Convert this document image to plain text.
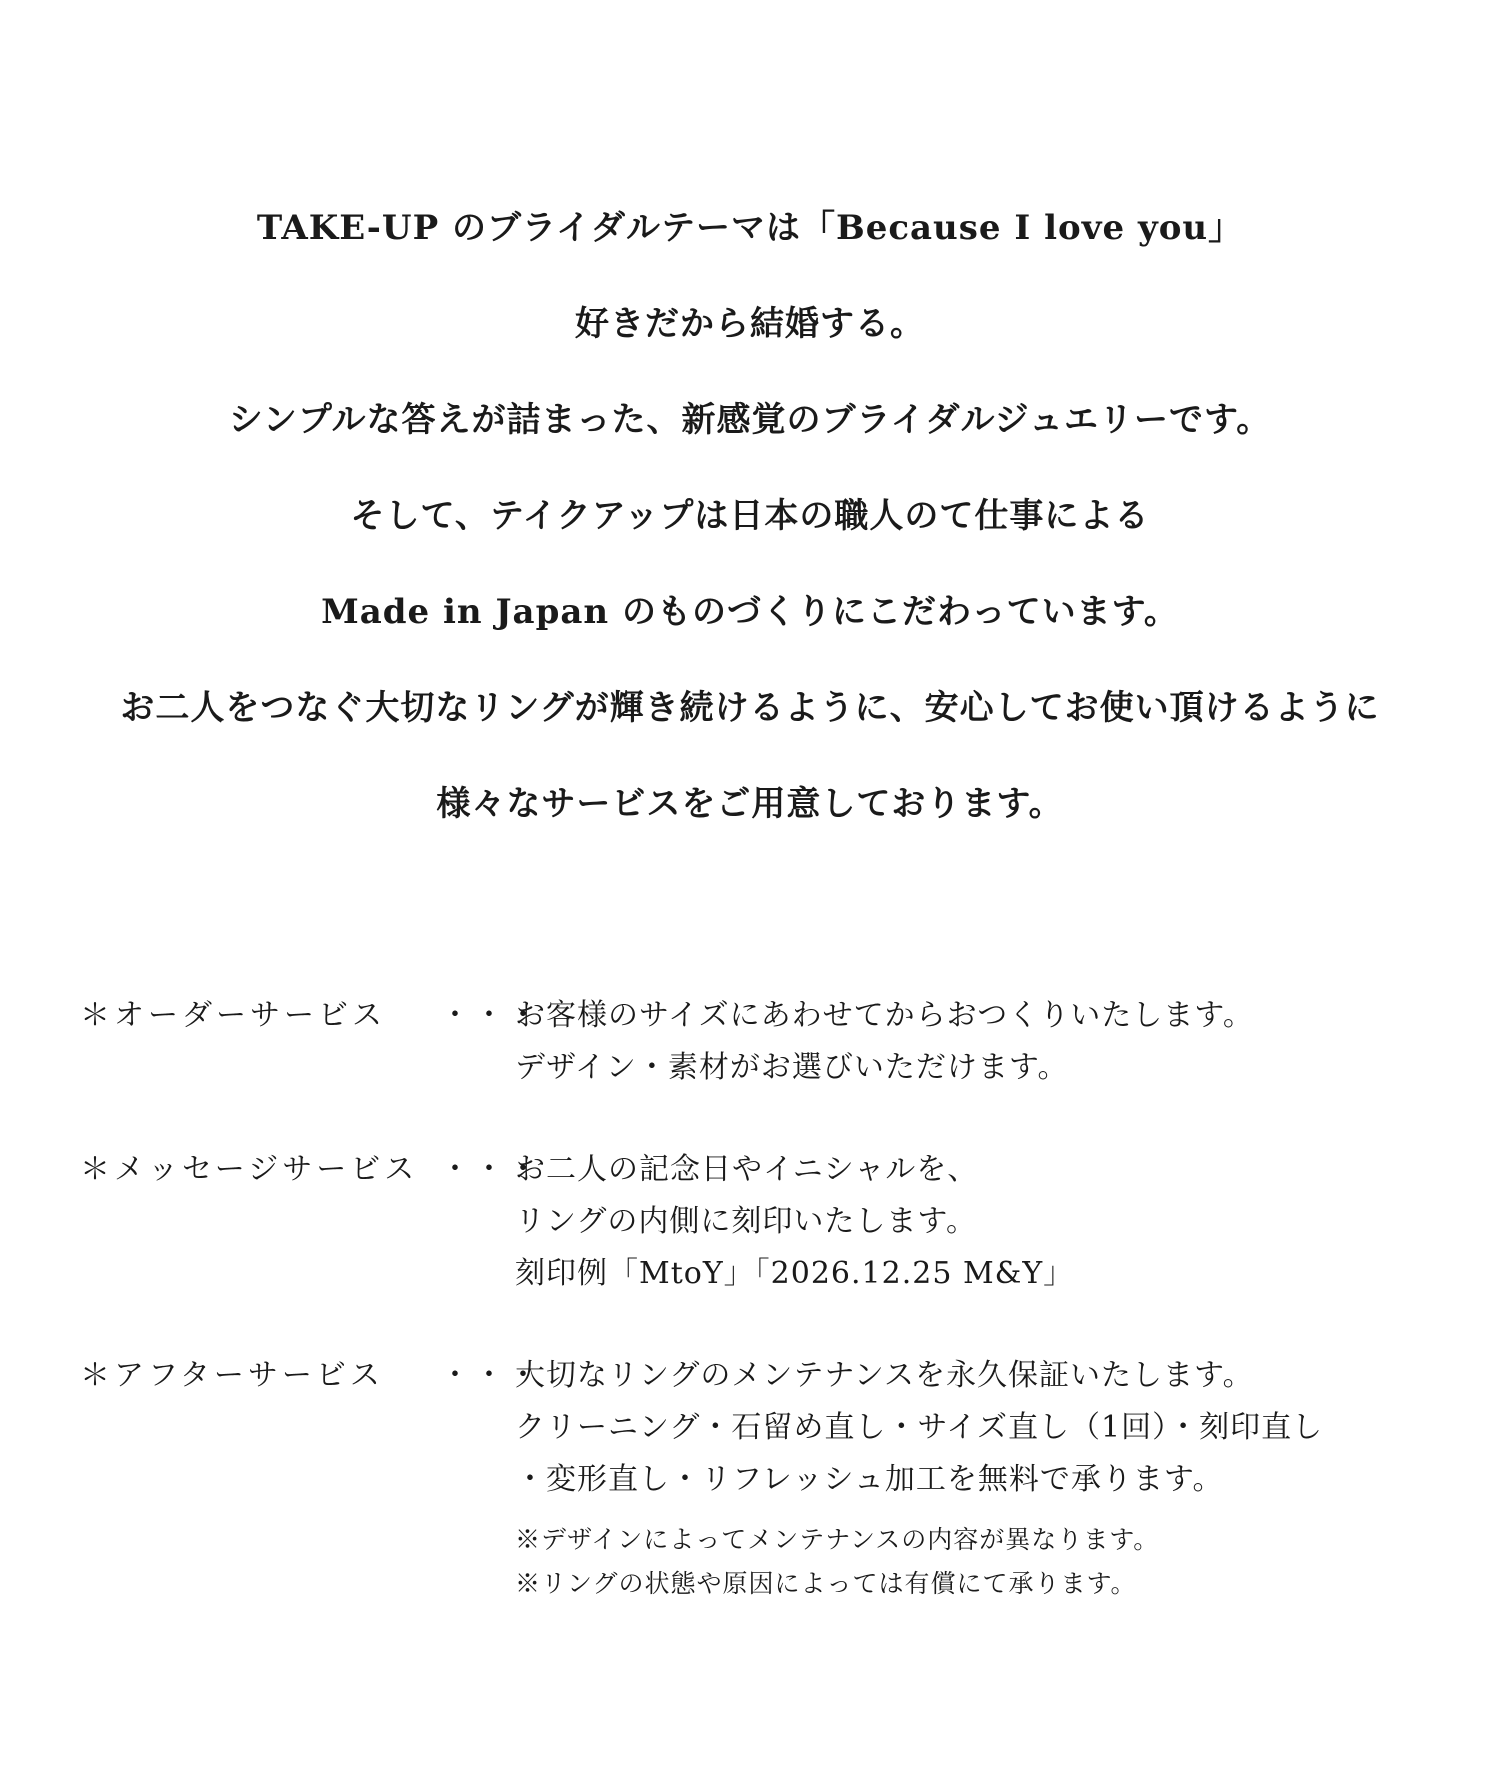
TAKE-UP のブライダルテーマは「Because I love you」
好きだから結婚する。
シンプルな答えが詰まった、新感覚のブライダルジュエリーです。
そして、テイクアップは日本の職人のて仕事による
Made in Japan のものづくりにこだわっています。
お二人をつなぐ大切なリングが輝き続けるように、安心してお使い頂けるように
様々なサービスをご用意しております。
＊オーダーサービス	・・・
お客様のサイズにあわせてからおつくりいたします。
デザイン・素材がお選びいただけます。
＊メッセージサービス ・・・
お二人の記念日やイニシャルを、
リングの内側に刻印いたします。
刻印例「MtoY」「2026.12.25 M&Y」
＊アフターサービス	・・・
大切なリングのメンテナンスを永久保証いたします。
クリーニング・石留め直し・サイズ直し（1回）・刻印直し
・変形直し・リフレッシュ加工を無料で承ります。
※デザインによってメンテナンスの内容が異なります。
※リングの状態や原因によっては有償にて承ります。
